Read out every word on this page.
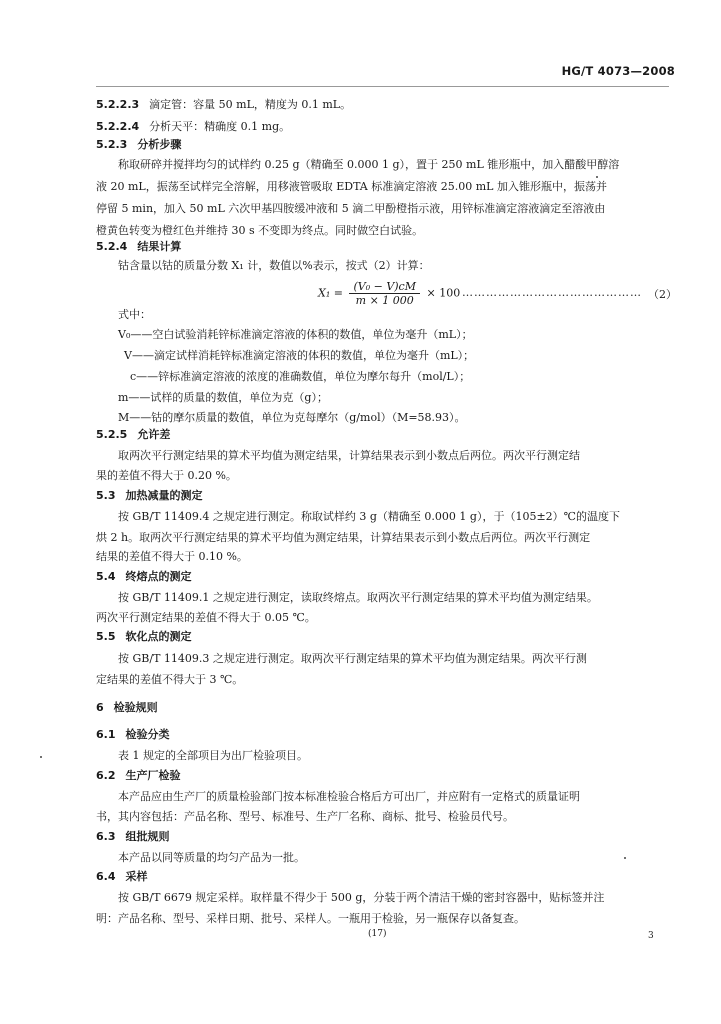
HG/T 4073—2008
5.2.2.3 滴定管：容量 50 mL，精度为 0.1 mL。
5.2.2.4 分析天平：精确度 0.1 mg。
5.2.3 分析步骤
称取研碎并搅拌均匀的试样约 0.25 g（精确至 0.000 1 g），置于 250 mL 锥形瓶中，加入醋酸甲醇溶
液 20 mL，振荡至试样完全溶解，用移液管吸取 EDTA 标准滴定溶液 25.00 mL 加入锥形瓶中，振荡并
停留 5 min，加入 50 mL 六次甲基四胺缓冲液和 5 滴二甲酚橙指示液，用锌标准滴定溶液滴定至溶液由
橙黄色转变为橙红色并维持 30 s 不变即为终点。同时做空白试验。
5.2.4 结果计算
钴含量以钴的质量分数 X₁ 计，数值以%表示，按式（2）计算：
$X_1 = \frac{\text{(V₀ − V)cM}}{m \times 1 000} \times 100$ ……………………………………… （2）
式中：
V₀——空白试验消耗锌标准滴定溶液的体积的数值，单位为毫升（mL）；
V——滴定试样消耗锌标准滴定溶液的体积的数值，单位为毫升（mL）；
c——锌标准滴定溶液的浓度的准确数值，单位为摩尔每升（mol/L）；
m——试样的质量的数值，单位为克（g）；
M——钴的摩尔质量的数值，单位为克每摩尔（g/mol）（M=58.93）。
5.2.5 允许差
取两次平行测定结果的算术平均值为测定结果，计算结果表示到小数点后两位。两次平行测定结
果的差值不得大于 0.20 %。
5.3 加热减量的测定
按 GB/T 11409.4 之规定进行测定。称取试样约 3 g（精确至 0.000 1 g），于（105±2）℃的温度下
烘 2 h。取两次平行测定结果的算术平均值为测定结果，计算结果表示到小数点后两位。两次平行测定
结果的差值不得大于 0.10 %。
5.4 终熔点的测定
按 GB/T 11409.1 之规定进行测定，读取终熔点。取两次平行测定结果的算术平均值为测定结果。
两次平行测定结果的差值不得大于 0.05 ℃。
5.5 软化点的测定
按 GB/T 11409.3 之规定进行测定。取两次平行测定结果的算术平均值为测定结果。两次平行测
定结果的差值不得大于 3 ℃。
6 检验规则
6.1 检验分类
表 1 规定的全部项目为出厂检验项目。
6.2 生产厂检验
本产品应由生产厂的质量检验部门按本标准检验合格后方可出厂，并应附有一定格式的质量证明
书，其内容包括：产品名称、型号、标准号、生产厂名称、商标、批号、检验员代号。
6.3 组批规则
本产品以同等质量的均匀产品为一批。
6.4 采样
按 GB/T 6679 规定采样。取样量不得少于 500 g，分装于两个清洁干燥的密封容器中，贴标签并注
明：产品名称、型号、采样日期、批号、采样人。一瓶用于检验，另一瓶保存以备复查。
(17)	3
